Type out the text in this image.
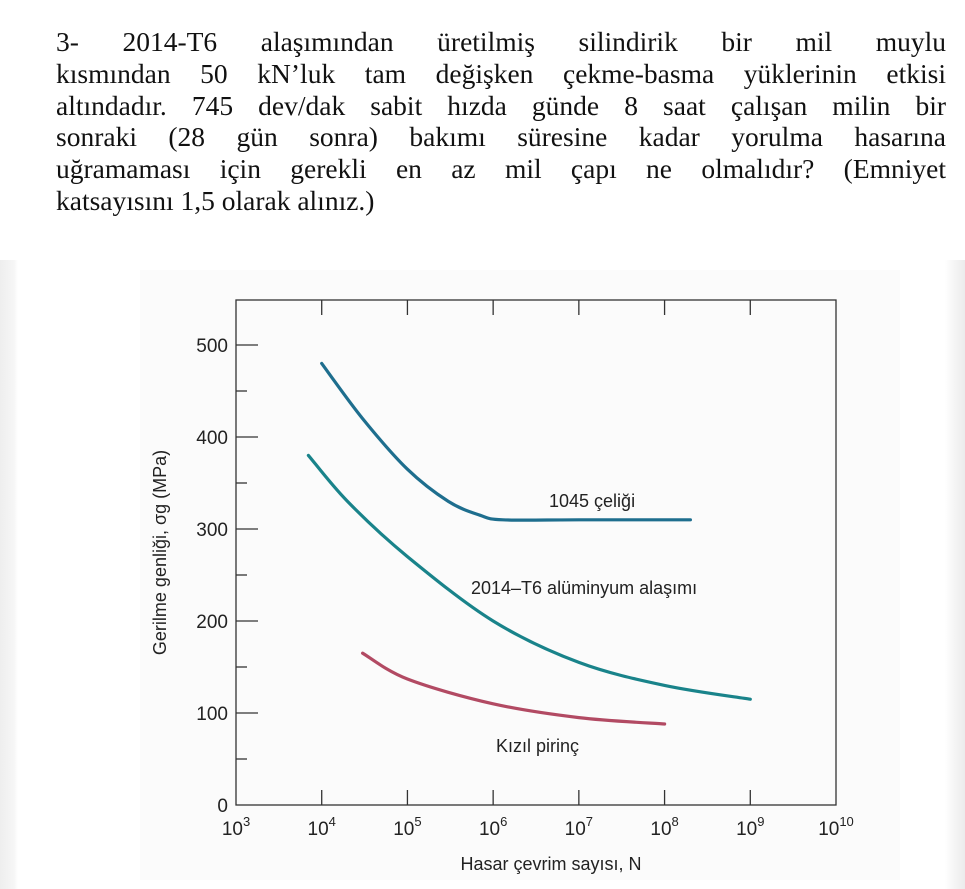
3- 2014-T6 alaşımından üretilmiş silindirik bir mil muylu
kısmından 50 kN’luk tam değişken çekme-basma yüklerinin etkisi
altındadır. 745 dev/dak sabit hızda günde 8 saat çalışan milin bir
sonraki (28 gün sonra) bakımı süresine kadar yorulma hasarına
uğramaması için gerekli en az mil çapı ne olmalıdır? (Emniyet
katsayısını 1,5 olarak alınız.)
0
100
200
300
400
500
$10^3$	$10^4$	$10^5$	$10^6$	$10^7$	$10^8$	$10^9$	$10^{10}$
Hasar çevrim sayısı, N
Gerilme genliği, σg (MPa)	1045 çeliği
2014–T6 alüminyum alaşımı
Kızıl pirinç
